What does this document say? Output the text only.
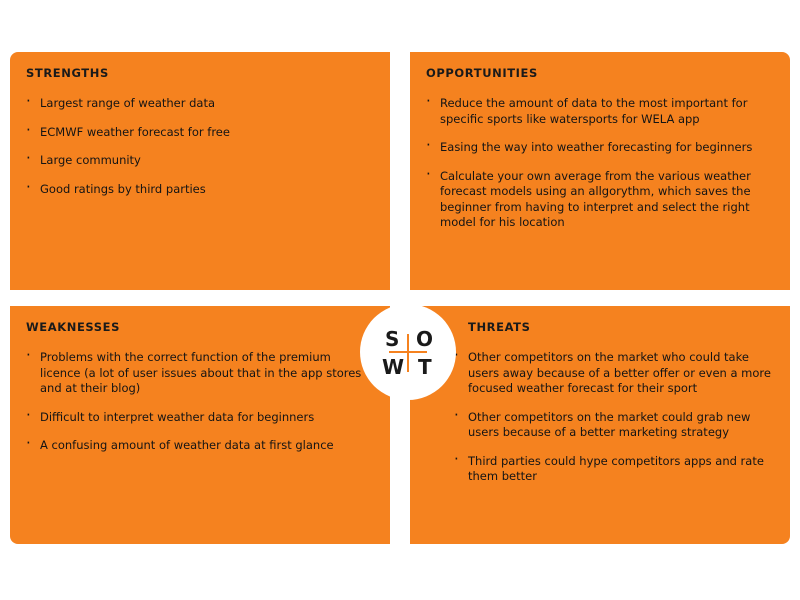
STRENGTHS
· Largest range of weather data
· ECMWF weather forecast for free
· Large community
· Good ratings by third parties
OPPORTUNITIES
· Reduce the amount of data to the most important for specific sports like watersports for WELA app
· Easing the way into weather forecasting for beginners
· Calculate your own average from the various weather forecast models using an allgorythm, which saves the beginner from having to interpret and select the right model for his location
WEAKNESSES
· Problems with the correct function of the premium licence (a lot of user issues about that in the app stores and at their blog)
· Difficult to interpret weather data for beginners
· A confusing amount of weather data at first glance
THREATS
· Other competitors on the market who could take users away because of a better offer or even a more focused weather forecast for their sport
· Other competitors on the market could grab new users because of a better marketing strategy
· Third parties could hype competitors apps and rate them better
S O
W T
